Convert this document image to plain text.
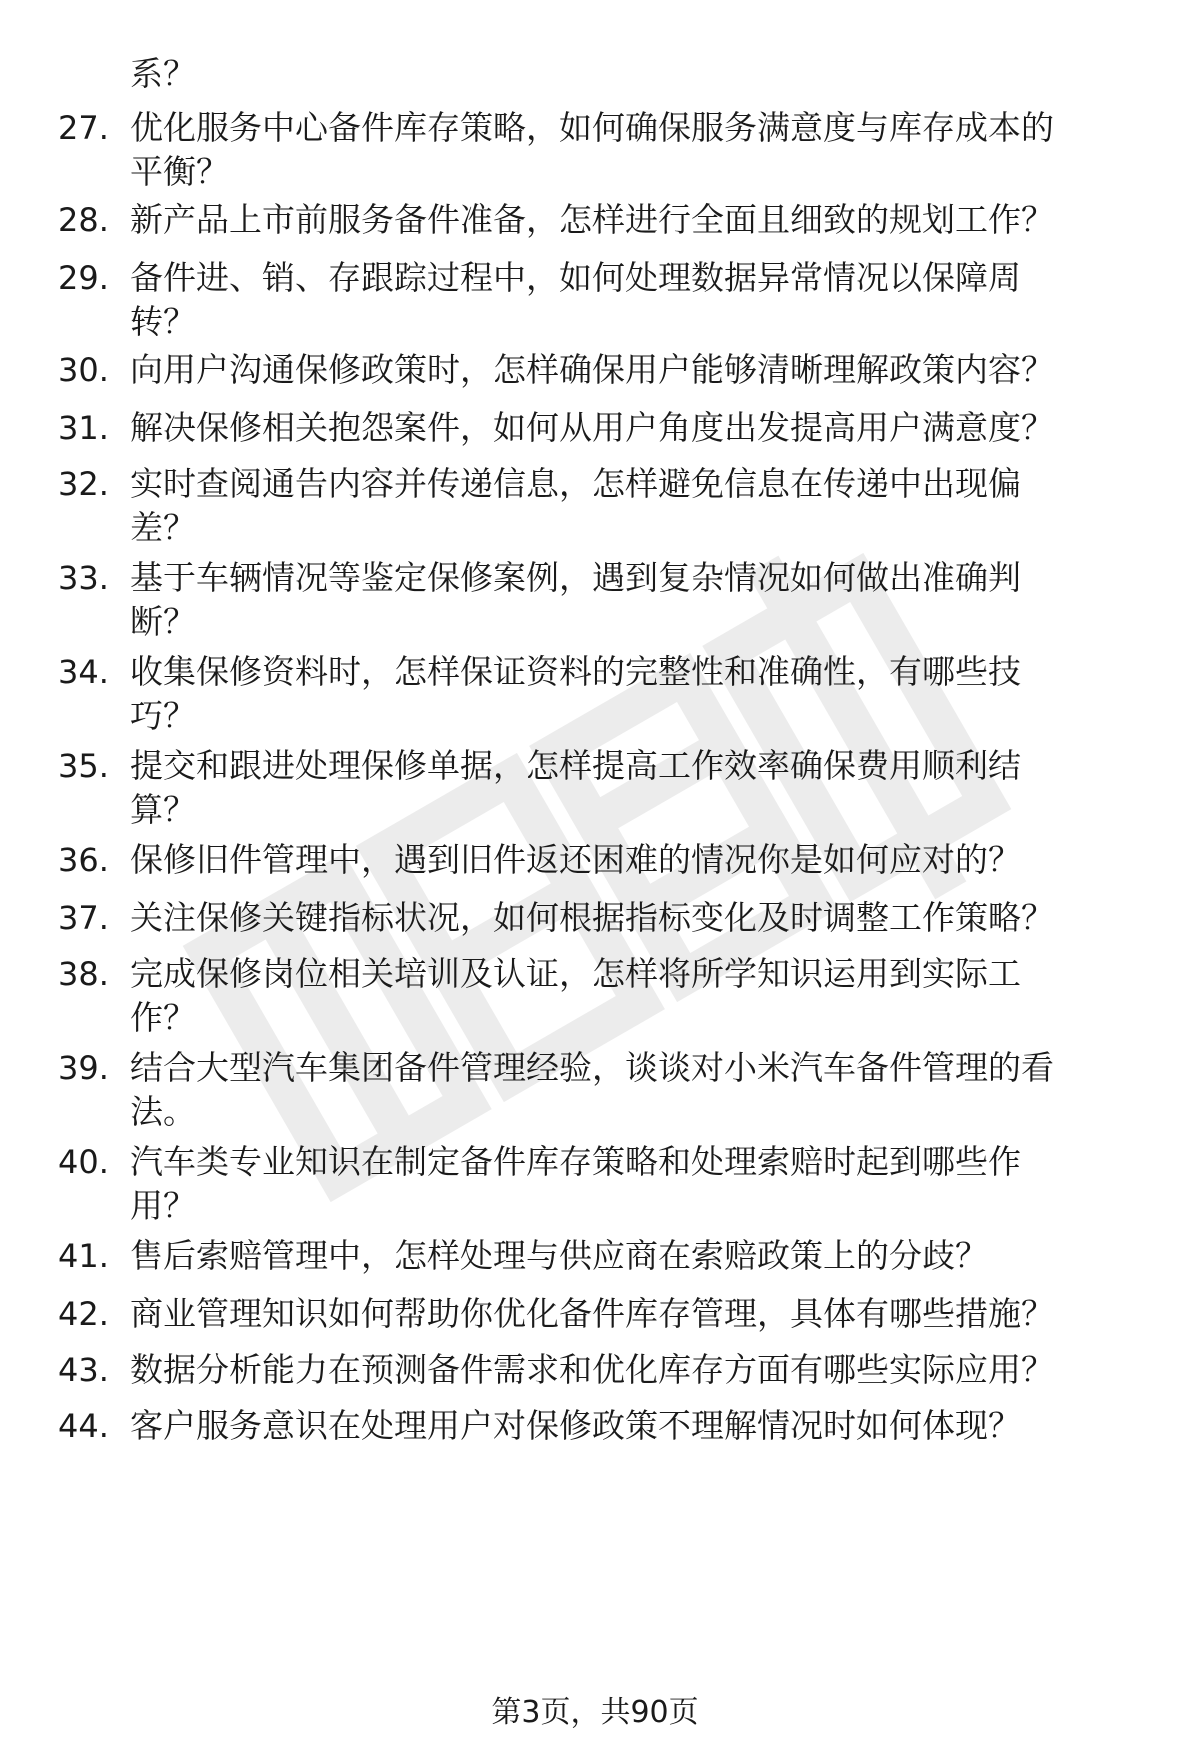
系？
27. 优化服务中心备件库存策略，如何确保服务满意度与库存成本的
平衡？
28. 新产品上市前服务备件准备，怎样进行全面且细致的规划工作？
29. 备件进、销、存跟踪过程中，如何处理数据异常情况以保障周
转？
30. 向用户沟通保修政策时，怎样确保用户能够清晰理解政策内容？
31. 解决保修相关抱怨案件，如何从用户角度出发提高用户满意度？
32. 实时查阅通告内容并传递信息，怎样避免信息在传递中出现偏
差？
33. 基于车辆情况等鉴定保修案例，遇到复杂情况如何做出准确判
断？
34. 收集保修资料时，怎样保证资料的完整性和准确性，有哪些技
巧？
35. 提交和跟进处理保修单据，怎样提高工作效率确保费用顺利结
算？
36. 保修旧件管理中，遇到旧件返还困难的情况你是如何应对的？
37. 关注保修关键指标状况，如何根据指标变化及时调整工作策略？
38. 完成保修岗位相关培训及认证，怎样将所学知识运用到实际工
作？
39. 结合大型汽车集团备件管理经验，谈谈对小米汽车备件管理的看
法。
40. 汽车类专业知识在制定备件库存策略和处理索赔时起到哪些作
用？
41. 售后索赔管理中，怎样处理与供应商在索赔政策上的分歧？
42. 商业管理知识如何帮助你优化备件库存管理，具体有哪些措施？
43. 数据分析能力在预测备件需求和优化库存方面有哪些实际应用？
44. 客户服务意识在处理用户对保修政策不理解情况时如何体现？
第3页，共90页
